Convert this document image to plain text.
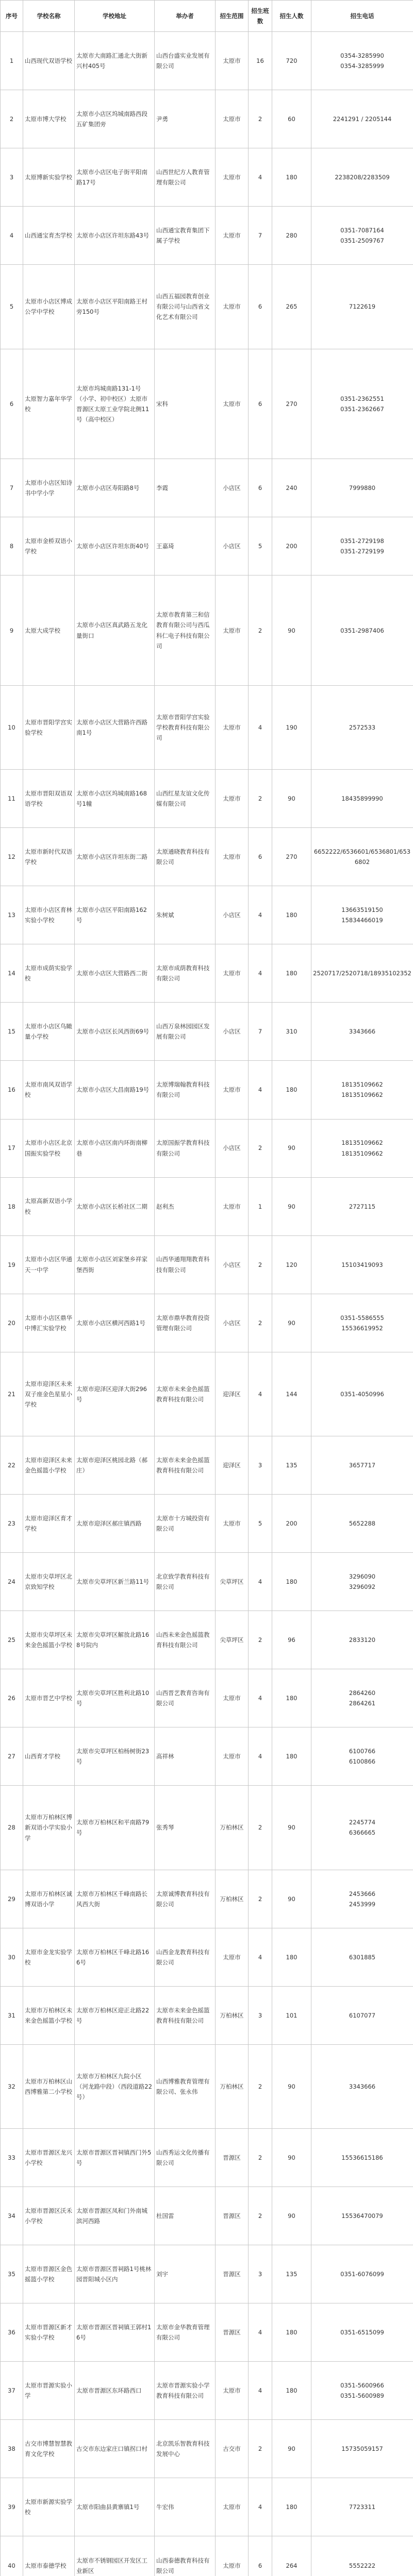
序号	学校名称	学校地址	举办者	招生范围	招生班数	招生人数	招生电话
1	山西现代双语学校	太原市大南路汇通北大街新兴村405号	山西台盛实业发展有限公司	太原市	16	720	0354-3285990
0354-3285999
2	太原市博大学校	太原市小店区坞城南路西段五矿集团旁	尹勇	太原市	2	60	2241291 / 2205144
3	太原博新实验学校	太原市小店区电子街平阳南路17号	山西世纪方人教育管理有限公司	太原市	4	180	2238208/2283509
4	山西通宝育杰学校	太原市小店区许坦东路43号	山西通宝教育集团下属子学校	太原市	7	280	0351-7087164
0351-2509767
5	太原市小店区博成公学中学校	太原市小店区平阳南路王村旁150号	山西五福园教育创业有限公司与山西省文化艺术有限公司	太原市	6	265	7122619
6	太原智力嘉年华学校	太原市坞城南路131-1号（小学、初中校区）太原市晋源区太原工业学院北侧11号（高中校区）	宋科	太原市	6	270	0351-2362551
0351-2362667
7	太原市小店区知诗书中学小学	太原市小店区寿阳路8号	李霞	小店区	6	240	7999880
8	太原市金桥双语小学校	太原市小店区许坦东街40号	王嘉琦	小店区	5	200	0351-2729198
0351-2729199
9	太原大成学校	太原市小店区真武路五龙化量街口	太原市教育第三和信教育有限公司与西瓜科仁电子科技有限公司	太原市	2	90	0351-2987406
10	太原市晋阳学宫实验学校	太原市小店区大营路许西路南1号	太原市晋阳学宫实验学校教育科技有限公司	太原市	4	190	2572533
11	太原市晋阳双语双语学校	太原市小店区坞城南路168号1幢	山西红星友谊文化传媒有限公司	太原市	2	90	18435899990
12	太原市新时代双语学校	太原市小店区许坦东街二路	太原通晓教育科技有限公司	太原市	6	270	6652222/6536601/6536801/6536802
13	太原市小店区育林实验小学校	太原市小店区平阳南路162号	朱树斌	小店区	4	180	13663519150
15834466019
14	太原市成荫实验学校	太原市小店区大营路西二街	太原市成荫教育科技有限公司	太原市	4	180	2520717/2520718/18935102352
15	太原市小店区鸟瞰量小学校	太原市小店区长风西街69号	山西万泉林园园区发展有限公司	小店区	7	310	3343666
16	太原市南风双语学校	太原市小店区大昌南路19号	太原博瑞翰教育科技有限公司	太原市	4	180	18135109662
18135109662
17	太原市小店区北京国振实验学校	太原市小店区南内环街南柳巷	太原国振学教育科技有限公司	小店区	2	90	18135109662
18135109662
18	太原高新双语小学校	太原市小店区长桥社区二期	赵利杰	太原市	1	90	2727115
19	太原市小店区华通天一中学	太原市小店区刘家堡乡祥家堡西街	山西华通翔翔教育科技有限公司	小店区	2	120	15103419093
20	太原市小店区鼎华中博汇实验学校	太原市小店区横河西路1号	太原市鼎华教育投资管理有限公司	小店区	2	90	0351-5586555
15536619952
21	太原市迎泽区未来双子座金色星星小学校	太原市迎泽区迎泽大街296号	太原市未来金色摇篮教育科技有限公司	迎泽区	4	144	0351-4050996
22	太原市迎泽区未来金色摇篮小学校	太原市迎泽区桃园北路（郝庄）	太原市未来金色摇篮教育科技有限公司	迎泽区	3	135	3657717
23	太原市迎泽区育才学校	太原市迎泽区郝庄镇西路	太原市十方城投资有限公司	太原市	5	200	5652288
24	太原市尖草坪区北京致知学校	太原市尖草坪区新兰路11号	北京致学教育科技有限公司	尖草坪区	4	180	3296090
3296092
25	太原市尖草坪区未来金色摇篮小学校	太原市尖草坪区解放北路168号院内	山西未来金色摇篮教育科技有限公司	尖草坪区	2	96	2833120
26	太原市晋艺中学校	太原市尖草坪区胜利北路10号	山西晋艺教育咨询有限公司	太原市	4	180	2864260
2864261
27	山西育才学校	太原市尖草坪区柏杨树街23号	高祥林	太原市	4	180	6100766
6100866
28	太原市万柏林区博新双语小学实验小学	太原市万柏林区和平南路79号	张秀琴	万柏林区	2	90	2245774
6366665
29	太原市万柏林区诚博双语小学	太原市万柏林区千峰南路长风西大街	太原诚博教育科技有限公司	万柏林区	2	90	2453666
2453999
30	太原市金龙实验学校	太原市万柏林区千峰北路166号	山西金龙教育科技有限公司	太原市	4	180	6301885
31	太原市万柏林区未来金色摇篮小学校	太原市万柏林区迎正北路22号	太原市未来金色摇篮教育科技有限公司	万柏林区	3	101	6107077
32	太原市万柏林区山西博雅第二小学校	太原市万柏林区九院小区（河龙路中段）（西段道路22号）	山西博雅教育管理有限公司、张永伟	万柏林区	2	90	3343666
33	太原市晋源区龙兴小学校	太原市晋源区晋祠镇西门外5号	山西秀运文化传播有限公司	晋源区	2	90	15536615186
34	太原市晋源区沃禾小学校	太原市晋源区凤和门外南城滨河西路	杜国雷	晋源区	2	90	15536470079
35	太原市晋源区金色摇篮小学校	太原市晋源区晋祠路1号桃林园晋阳城小区内	刘宇	晋源区	3	135	0351-6076099
36	太原市晋源区新才实验小学校	太原市晋源区晋祠镇王郭村16号	太原市金华教育管理有限公司	晋源区	4	180	0351-6515099
37	太原市晋源实验小学	太原市晋源区东环路西口	太原市晋源实验小学教育科技有限公司	太原市	4	180	0351-5600966
0351-5600989
38	古交市博慧智慧教育文化学校	古交市东边家庄口镇拐口村	北京凯乐智教育科技发展中心	古交市	2	90	15735059157
39	太原市新源实验学校	太原市阳曲县黄寨镇1号	牛宏伟	太原市	4	180	7723311
40	太原市泰德学校	太原市不锈钢园区开发区工业新区	山西泰德教育科技有限公司	太原市	6	264	5552222
